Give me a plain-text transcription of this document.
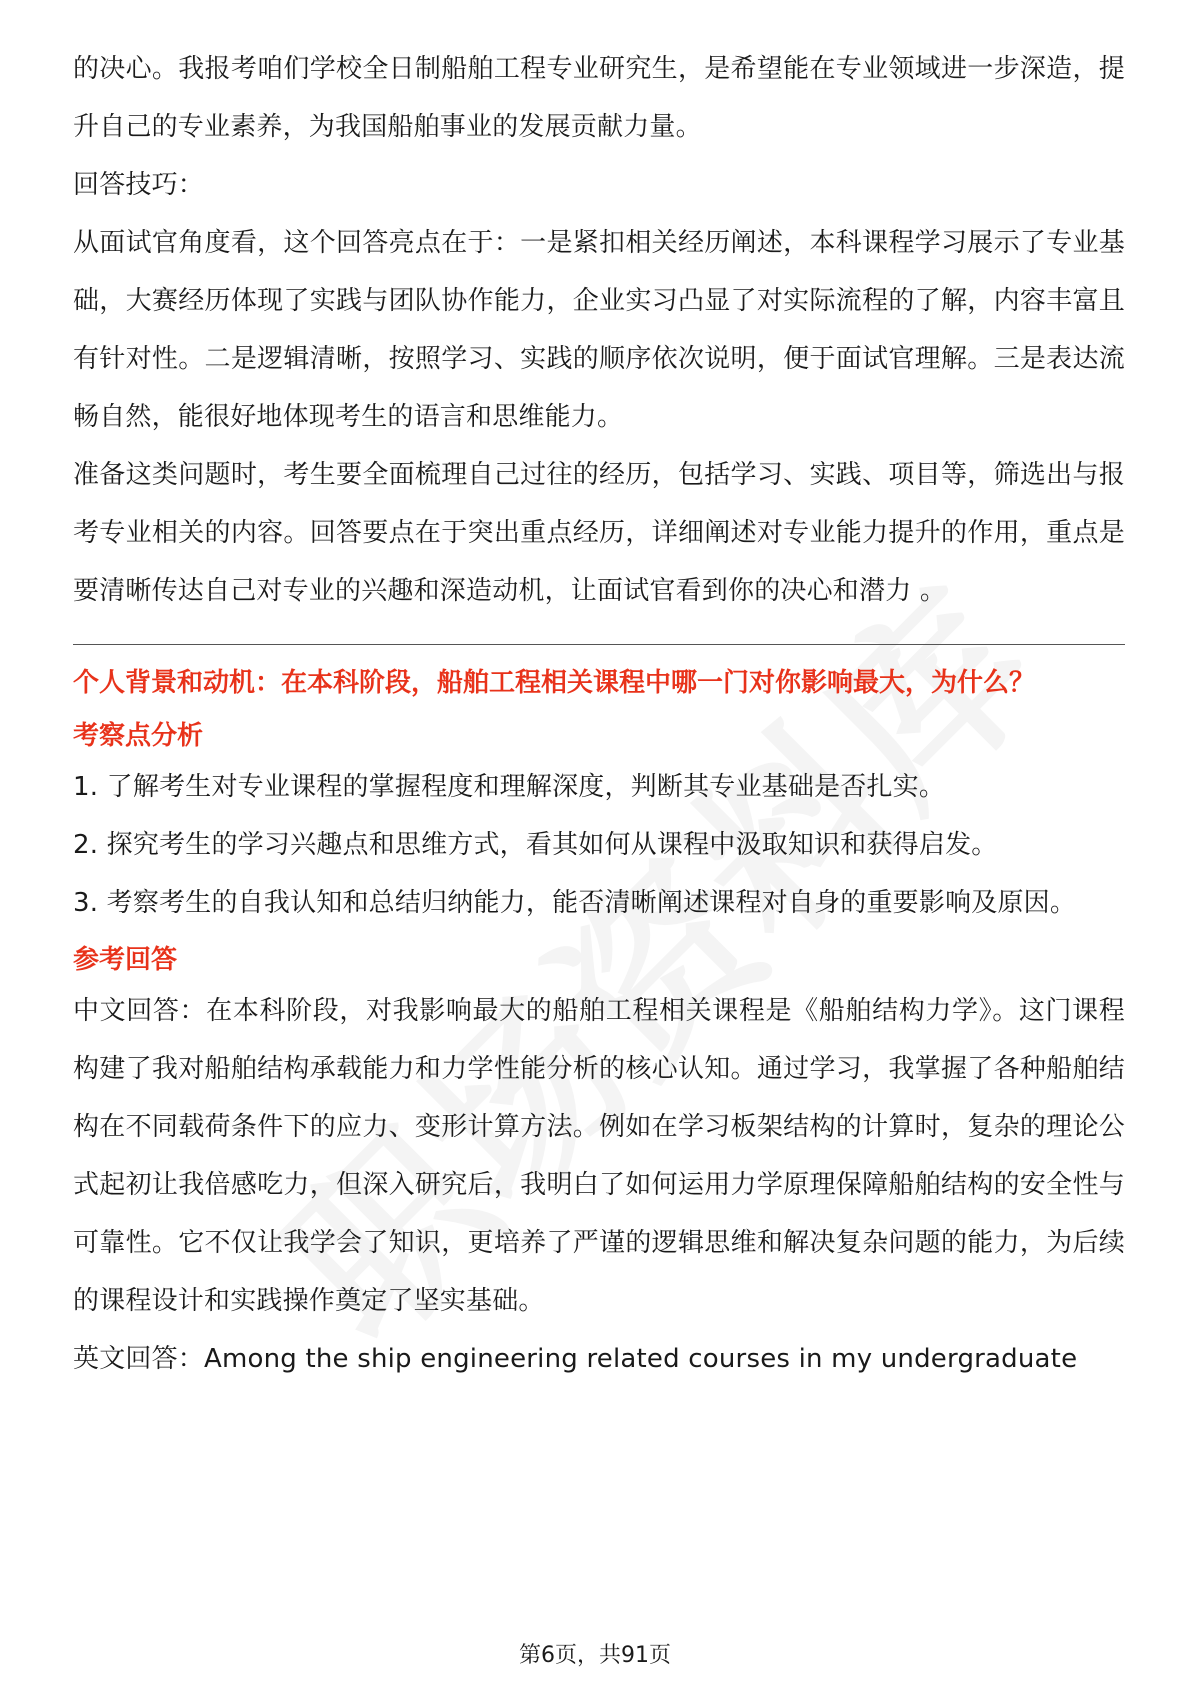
的决心。我报考咱们学校全日制船舶工程专业研究生，是希望能在专业领域进一步深造，提升自己的专业素养，为我国船舶事业的发展贡献力量。

回答技巧：

从面试官角度看，这个回答亮点在于：一是紧扣相关经历阐述，本科课程学习展示了专业基础，大赛经历体现了实践与团队协作能力，企业实习凸显了对实际流程的了解，内容丰富且有针对性。二是逻辑清晰，按照学习、实践的顺序依次说明，便于面试官理解。三是表达流畅自然，能很好地体现考生的语言和思维能力。

准备这类问题时，考生要全面梳理自己过往的经历，包括学习、实践、项目等，筛选出与报考专业相关的内容。回答要点在于突出重点经历，详细阐述对专业能力提升的作用，重点是要清晰传达自己对专业的兴趣和深造动机，让面试官看到你的决心和潜力 。

个人背景和动机：在本科阶段，船舶工程相关课程中哪一门对你影响最大，为什么？

考察点分析

1. 了解考生对专业课程的掌握程度和理解深度，判断其专业基础是否扎实。

2. 探究考生的学习兴趣点和思维方式，看其如何从课程中汲取知识和获得启发。

3. 考察考生的自我认知和总结归纳能力，能否清晰阐述课程对自身的重要影响及原因。

参考回答

中文回答：在本科阶段，对我影响最大的船舶工程相关课程是《船舶结构力学》。这门课程构建了我对船舶结构承载能力和力学性能分析的核心认知。通过学习，我掌握了各种船舶结构在不同载荷条件下的应力、变形计算方法。例如在学习板架结构的计算时，复杂的理论公式起初让我倍感吃力，但深入研究后，我明白了如何运用力学原理保障船舶结构的安全性与可靠性。它不仅让我学会了知识，更培养了严谨的逻辑思维和解决复杂问题的能力，为后续的课程设计和实践操作奠定了坚实基础。

英文回答：Among the ship engineering related courses in my undergraduate

第6页，共91页
